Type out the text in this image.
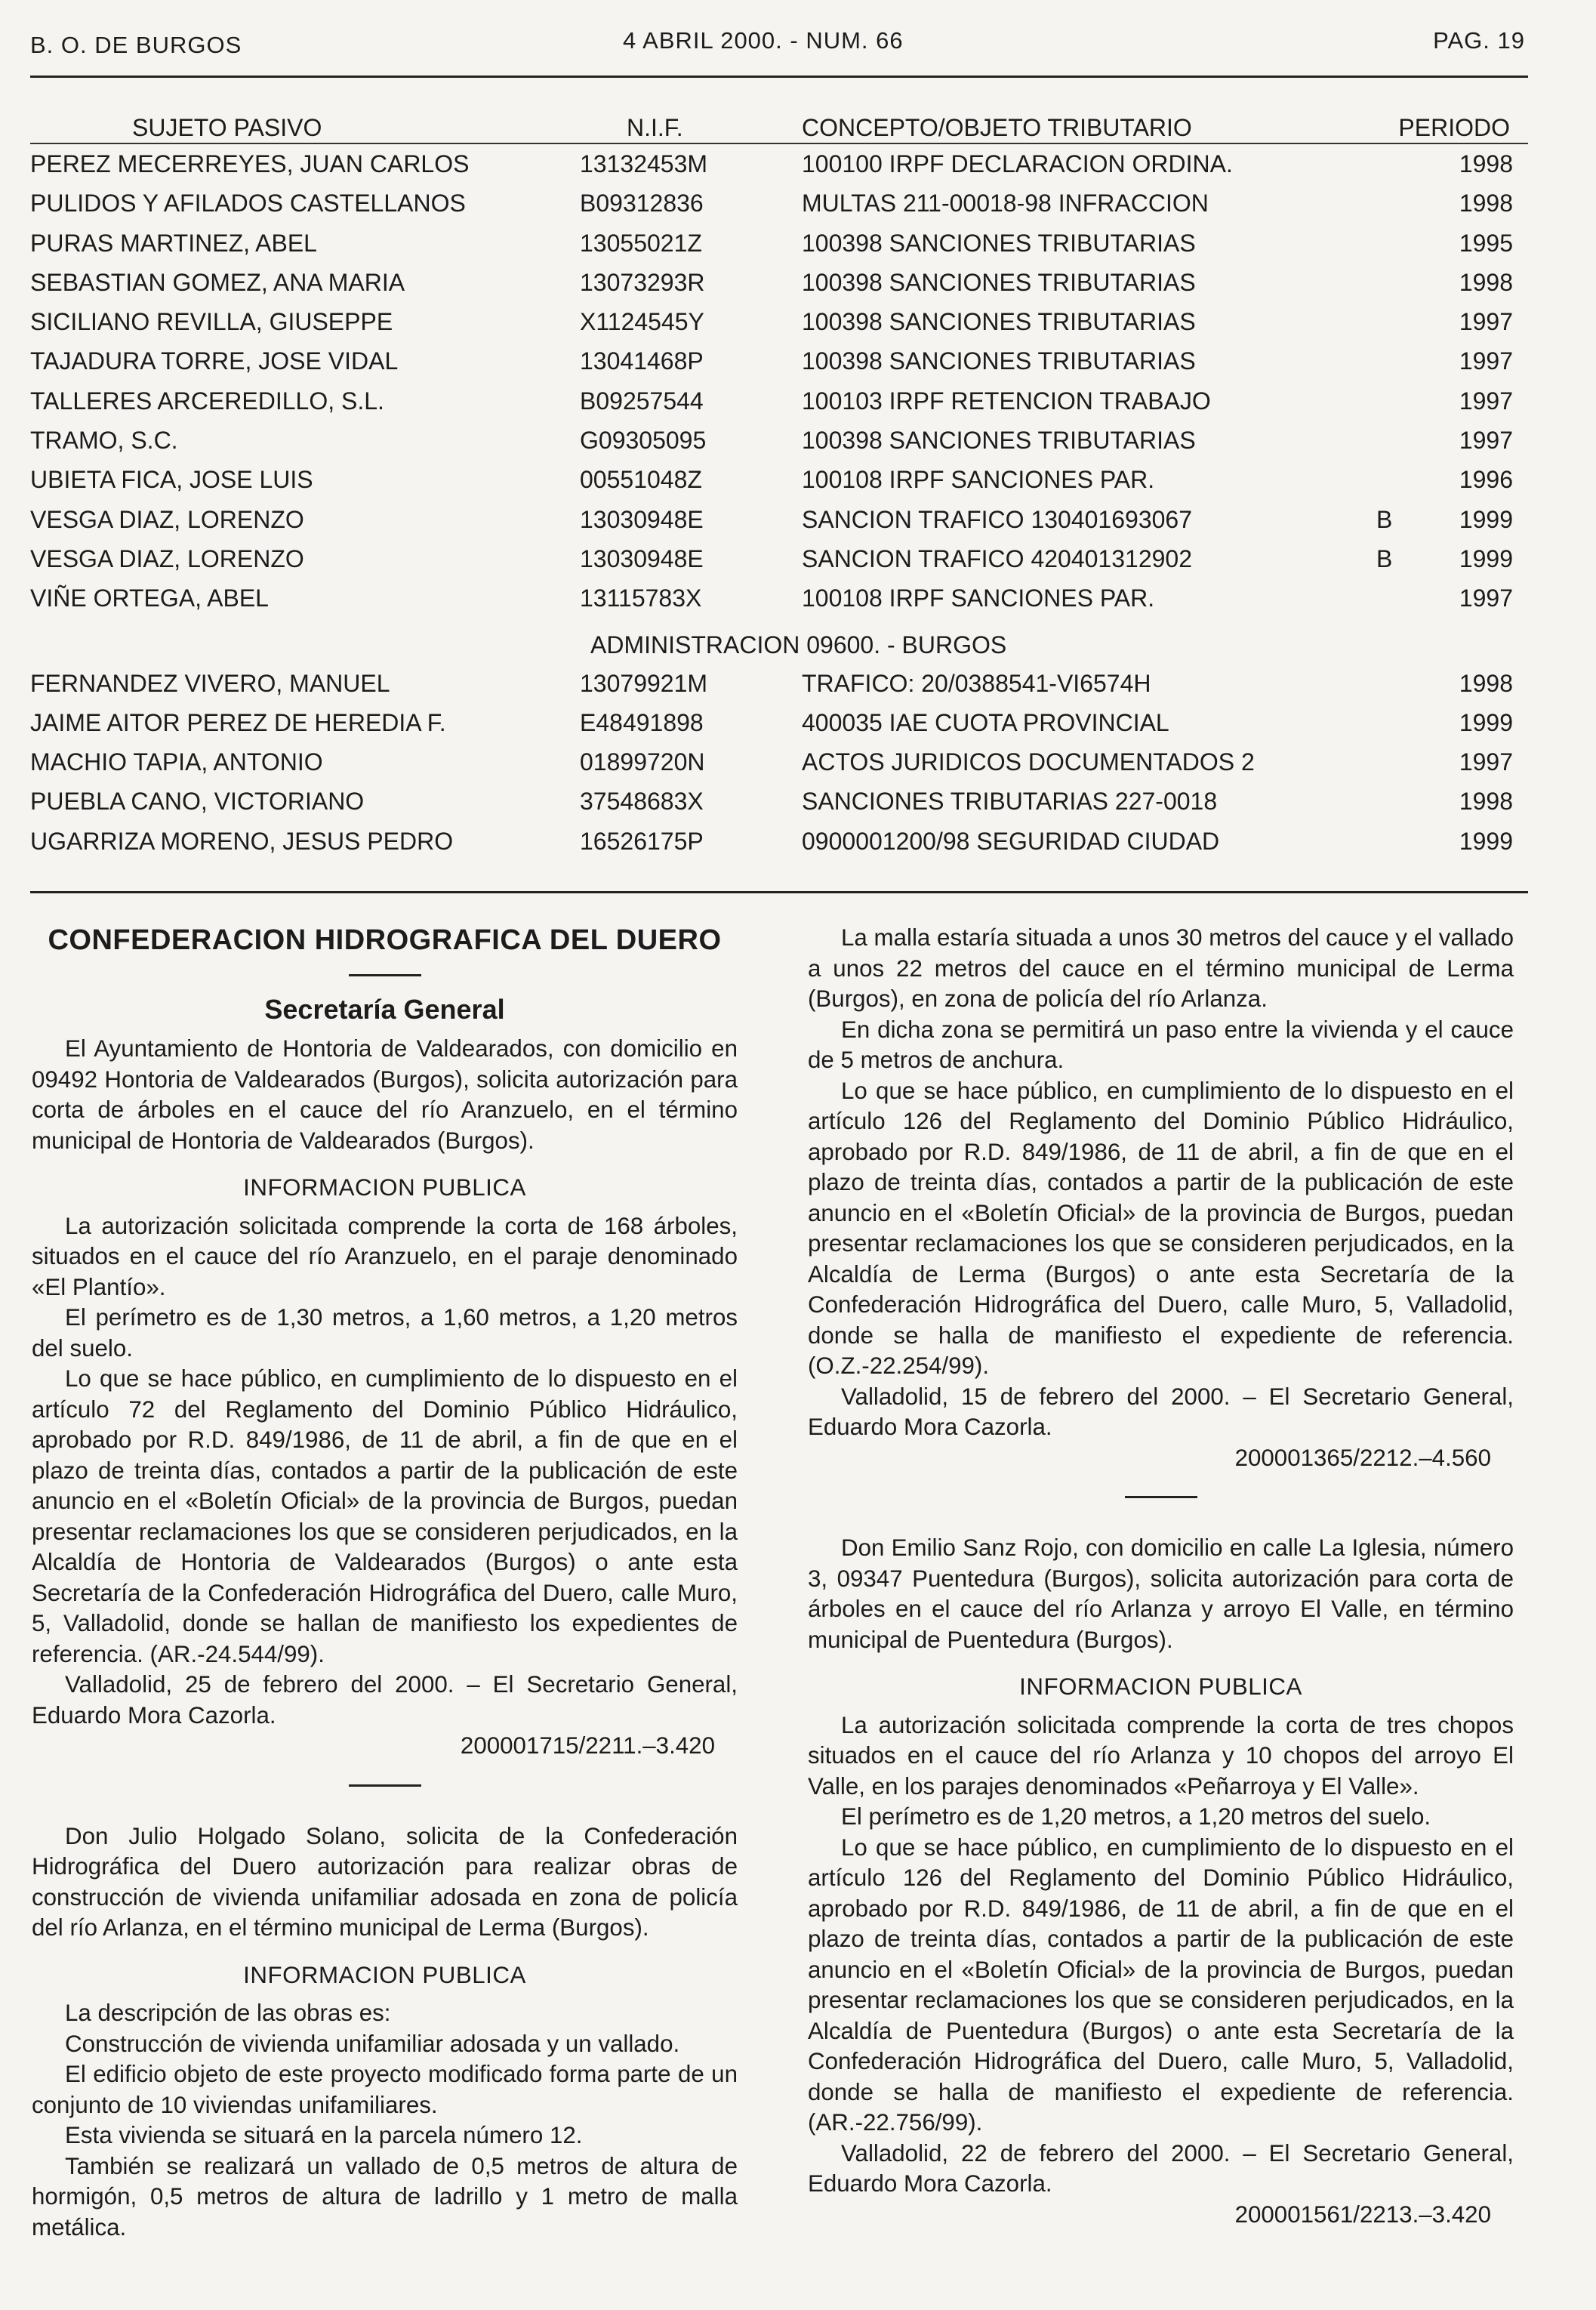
B. O. DE BURGOS	4 ABRIL 2000. - NUM. 66	PAG. 19
SUJETO PASIVO	N.I.F.	CONCEPTO/OBJETO TRIBUTARIO	PERIODO
PEREZ MECERREYES, JUAN CARLOS	13132453M	100100 IRPF DECLARACION ORDINA.	1998
PULIDOS Y AFILADOS CASTELLANOS	B09312836	MULTAS 211-00018-98 INFRACCION	1998
PURAS MARTINEZ, ABEL	13055021Z	100398 SANCIONES TRIBUTARIAS	1995
SEBASTIAN GOMEZ, ANA MARIA	13073293R	100398 SANCIONES TRIBUTARIAS	1998
SICILIANO REVILLA, GIUSEPPE	X1124545Y	100398 SANCIONES TRIBUTARIAS	1997
TAJADURA TORRE, JOSE VIDAL	13041468P	100398 SANCIONES TRIBUTARIAS	1997
TALLERES ARCEREDILLO, S.L.	B09257544	100103 IRPF RETENCION TRABAJO	1997
TRAMO, S.C.	G09305095	100398 SANCIONES TRIBUTARIAS	1997
UBIETA FICA, JOSE LUIS	00551048Z	100108 IRPF SANCIONES PAR.	1996
VESGA DIAZ, LORENZO	13030948E	SANCION TRAFICO 130401693067	B	1999
VESGA DIAZ, LORENZO	13030948E	SANCION TRAFICO 420401312902	B	1999
VIÑE ORTEGA, ABEL	13115783X	100108 IRPF SANCIONES PAR.	1997
ADMINISTRACION 09600. - BURGOS
FERNANDEZ VIVERO, MANUEL	13079921M	TRAFICO: 20/0388541-VI6574H	1998
JAIME AITOR PEREZ DE HEREDIA F.	E48491898	400035 IAE CUOTA PROVINCIAL	1999
MACHIO TAPIA, ANTONIO	01899720N	ACTOS JURIDICOS DOCUMENTADOS 2	1997
PUEBLA CANO, VICTORIANO	37548683X	SANCIONES TRIBUTARIAS 227-0018	1998
UGARRIZA MORENO, JESUS PEDRO	16526175P	0900001200/98 SEGURIDAD CIUDAD	1999
CONFEDERACION HIDROGRAFICA DEL DUERO
Secretaría General

El Ayuntamiento de Hontoria de Valdearados, con domicilio en 09492 Hontoria de Valdearados (Burgos), solicita autorización para corta de árboles en el cauce del río Aranzuelo, en el término municipal de Hontoria de Valdearados (Burgos).

INFORMACION PUBLICA

La autorización solicitada comprende la corta de 168 árboles, situados en el cauce del río Aranzuelo, en el paraje denominado «El Plantío».

El perímetro es de 1,30 metros, a 1,60 metros, a 1,20 metros del suelo.

Lo que se hace público, en cumplimiento de lo dispuesto en el artículo 72 del Reglamento del Dominio Público Hidráulico, aprobado por R.D. 849/1986, de 11 de abril, a fin de que en el plazo de treinta días, contados a partir de la publicación de este anuncio en el «Boletín Oficial» de la provincia de Burgos, puedan presentar reclamaciones los que se consideren perjudicados, en la Alcaldía de Hontoria de Valdearados (Burgos) o ante esta Secretaría de la Confederación Hidrográfica del Duero, calle Muro, 5, Valladolid, donde se hallan de manifiesto los expedientes de referencia. (AR.-24.544/99).

Valladolid, 25 de febrero del 2000. – El Secretario General, Eduardo Mora Cazorla.

200001715/2211.–3.420

Don Julio Holgado Solano, solicita de la Confederación Hidrográfica del Duero autorización para realizar obras de construcción de vivienda unifamiliar adosada en zona de policía del río Arlanza, en el término municipal de Lerma (Burgos).

INFORMACION PUBLICA

La descripción de las obras es:

Construcción de vivienda unifamiliar adosada y un vallado.

El edificio objeto de este proyecto modificado forma parte de un conjunto de 10 viviendas unifamiliares.

Esta vivienda se situará en la parcela número 12.

También se realizará un vallado de 0,5 metros de altura de hormigón, 0,5 metros de altura de ladrillo y 1 metro de malla metálica.

La malla estaría situada a unos 30 metros del cauce y el vallado a unos 22 metros del cauce en el término municipal de Lerma (Burgos), en zona de policía del río Arlanza.

En dicha zona se permitirá un paso entre la vivienda y el cauce de 5 metros de anchura.

Lo que se hace público, en cumplimiento de lo dispuesto en el artículo 126 del Reglamento del Dominio Público Hidráulico, aprobado por R.D. 849/1986, de 11 de abril, a fin de que en el plazo de treinta días, contados a partir de la publicación de este anuncio en el «Boletín Oficial» de la provincia de Burgos, puedan presentar reclamaciones los que se consideren perjudicados, en la Alcaldía de Lerma (Burgos) o ante esta Secretaría de la Confederación Hidrográfica del Duero, calle Muro, 5, Valladolid, donde se halla de manifiesto el expediente de referencia. (O.Z.-22.254/99).

Valladolid, 15 de febrero del 2000. – El Secretario General, Eduardo Mora Cazorla.

200001365/2212.–4.560

Don Emilio Sanz Rojo, con domicilio en calle La Iglesia, número 3, 09347 Puentedura (Burgos), solicita autorización para corta de árboles en el cauce del río Arlanza y arroyo El Valle, en término municipal de Puentedura (Burgos).

INFORMACION PUBLICA

La autorización solicitada comprende la corta de tres chopos situados en el cauce del río Arlanza y 10 chopos del arroyo El Valle, en los parajes denominados «Peñarroya y El Valle».

El perímetro es de 1,20 metros, a 1,20 metros del suelo.

Lo que se hace público, en cumplimiento de lo dispuesto en el artículo 126 del Reglamento del Dominio Público Hidráulico, aprobado por R.D. 849/1986, de 11 de abril, a fin de que en el plazo de treinta días, contados a partir de la publicación de este anuncio en el «Boletín Oficial» de la provincia de Burgos, puedan presentar reclamaciones los que se consideren perjudicados, en la Alcaldía de Puentedura (Burgos) o ante esta Secretaría de la Confederación Hidrográfica del Duero, calle Muro, 5, Valladolid, donde se halla de manifiesto el expediente de referencia. (AR.-22.756/99).

Valladolid, 22 de febrero del 2000. – El Secretario General, Eduardo Mora Cazorla.

200001561/2213.–3.420
